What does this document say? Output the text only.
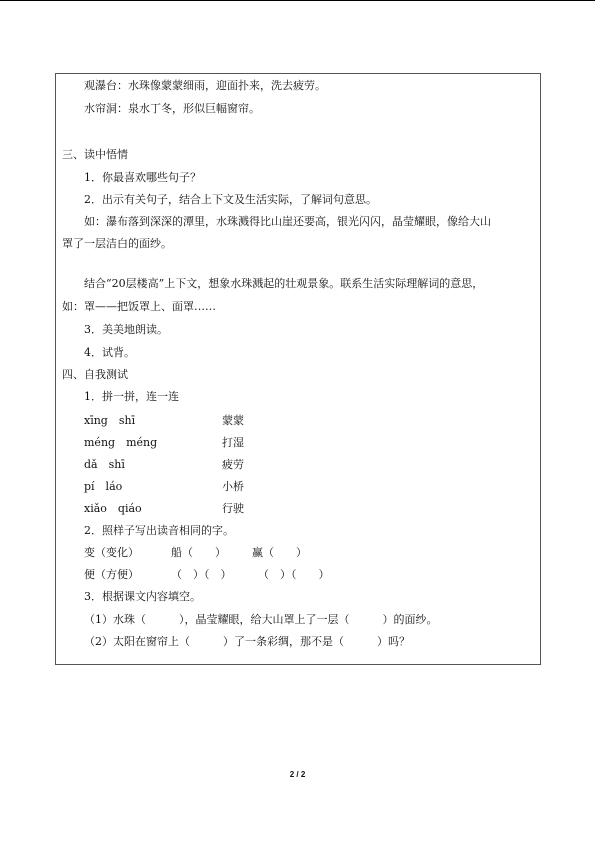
观瀑台：水珠像蒙蒙细雨，迎面扑来，洗去疲劳。
水帘洞：泉水丁冬，形似巨幅窗帘。
三、读中悟情
1．你最喜欢哪些句子？
2．出示有关句子，结合上下文及生活实际，了解词句意思。
如：瀑布落到深深的潭里，水珠溅得比山崖还要高，银光闪闪，晶莹耀眼，像给大山
罩了一层洁白的面纱。
结合“20层楼高”上下文，想象水珠溅起的壮观景象。联系生活实际理解词的意思，
如：罩——把饭罩上、面罩……
3．美美地朗读。
4．试背。
四、自我测试
1．拼一拼，连一连
xīng　shī	蒙蒙
méng　méng	打湿
dǎ　shī	疲劳
pí　láo	小桥
xiǎo　qiáo	行驶
2．照样子写出读音相同的字。
变（变化）	船（　　） 赢（　　）
便（方便）	（　）（　） （　）（　　）
3．根据课文内容填空。
（1）水珠（　　　），晶莹耀眼，给大山罩上了一层（　　　）的面纱。
（2）太阳在窗帘上（　　　）了一条彩绸，那不是（　　　）吗？
2 / 2
